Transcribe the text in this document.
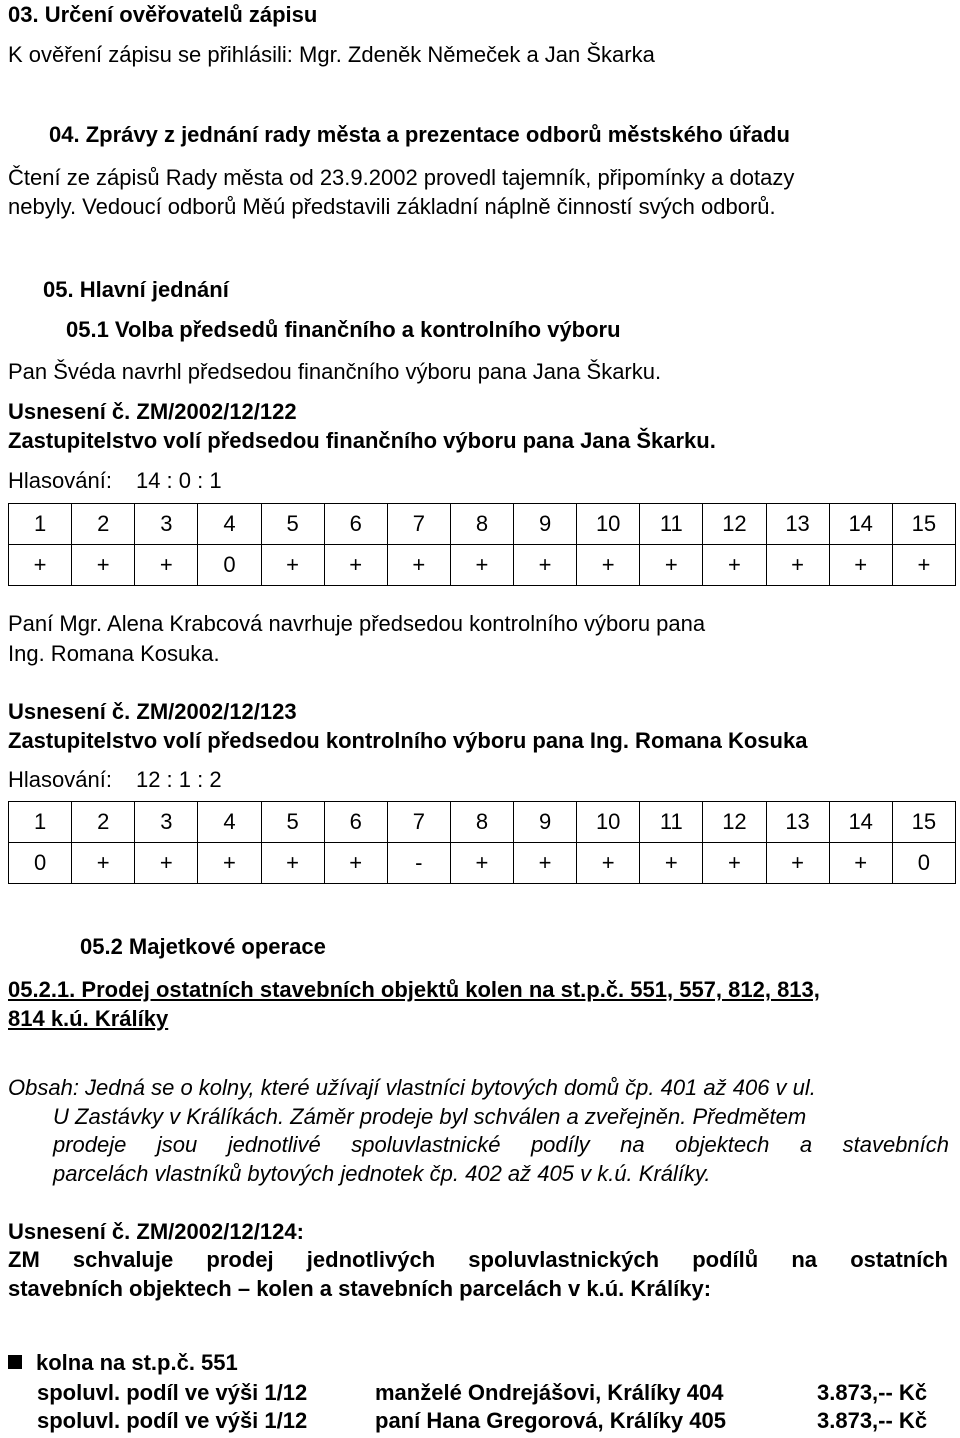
03. Určení ověřovatelů zápisu
K ověření zápisu se přihlásili: Mgr. Zdeněk Němeček a Jan Škarka
04. Zprávy z jednání rady města a prezentace odborů městského úřadu
Čtení ze zápisů Rady města od 23.9.2002 provedl tajemník, připomínky a dotazy
nebyly. Vedoucí odborů Měú představili základní náplně činností svých odborů.
05. Hlavní jednání
05.1 Volba předsedů finančního a kontrolního výboru
Pan Švéda navrhl předsedou finančního výboru pana Jana Škarku.
Usnesení č. ZM/2002/12/122
Zastupitelstvo volí předsedou finančního výboru pana Jana Škarku.
Hlasování: 14 : 0 : 1
1	2	3	4	5	6	7	8	9	10	11	12	13	14	15
+	+	+	0	+	+	+	+	+	+	+	+	+	+	+
Paní Mgr. Alena Krabcová navrhuje předsedou kontrolního výboru pana
Ing. Romana Kosuka.
Usnesení č. ZM/2002/12/123
Zastupitelstvo volí předsedou kontrolního výboru pana Ing. Romana Kosuka
Hlasování: 12 : 1 : 2
1	2	3	4	5	6	7	8	9	10	11	12	13	14	15
0	+	+	+	+	+	-	+	+	+	+	+	+	+	0
05.2 Majetkové operace
05.2.1. Prodej ostatních stavebních objektů kolen na st.p.č. 551, 557, 812, 813,
814 k.ú. Králíky
Obsah: Jedná se o kolny, které užívají vlastníci bytových domů čp. 401 až 406 v ul.
U Zastávky v Králíkách. Záměr prodeje byl schválen a zveřejněn. Předmětem
prodeje jsou jednotlivé spoluvlastnické podíly na objektech a stavebních
parcelách vlastníků bytových jednotek čp. 402 až 405 v k.ú. Králíky.
Usnesení č. ZM/2002/12/124:
ZM schvaluje prodej jednotlivých spoluvlastnických podílů na ostatních
stavebních objektech – kolen a stavebních parcelách v k.ú. Králíky:
kolna na st.p.č. 551
spoluvl. podíl ve výši 1/12	manželé Ondrejášovi, Králíky 404	3.873,-- Kč
spoluvl. podíl ve výši 1/12	paní Hana Gregorová, Králíky 405	3.873,-- Kč
